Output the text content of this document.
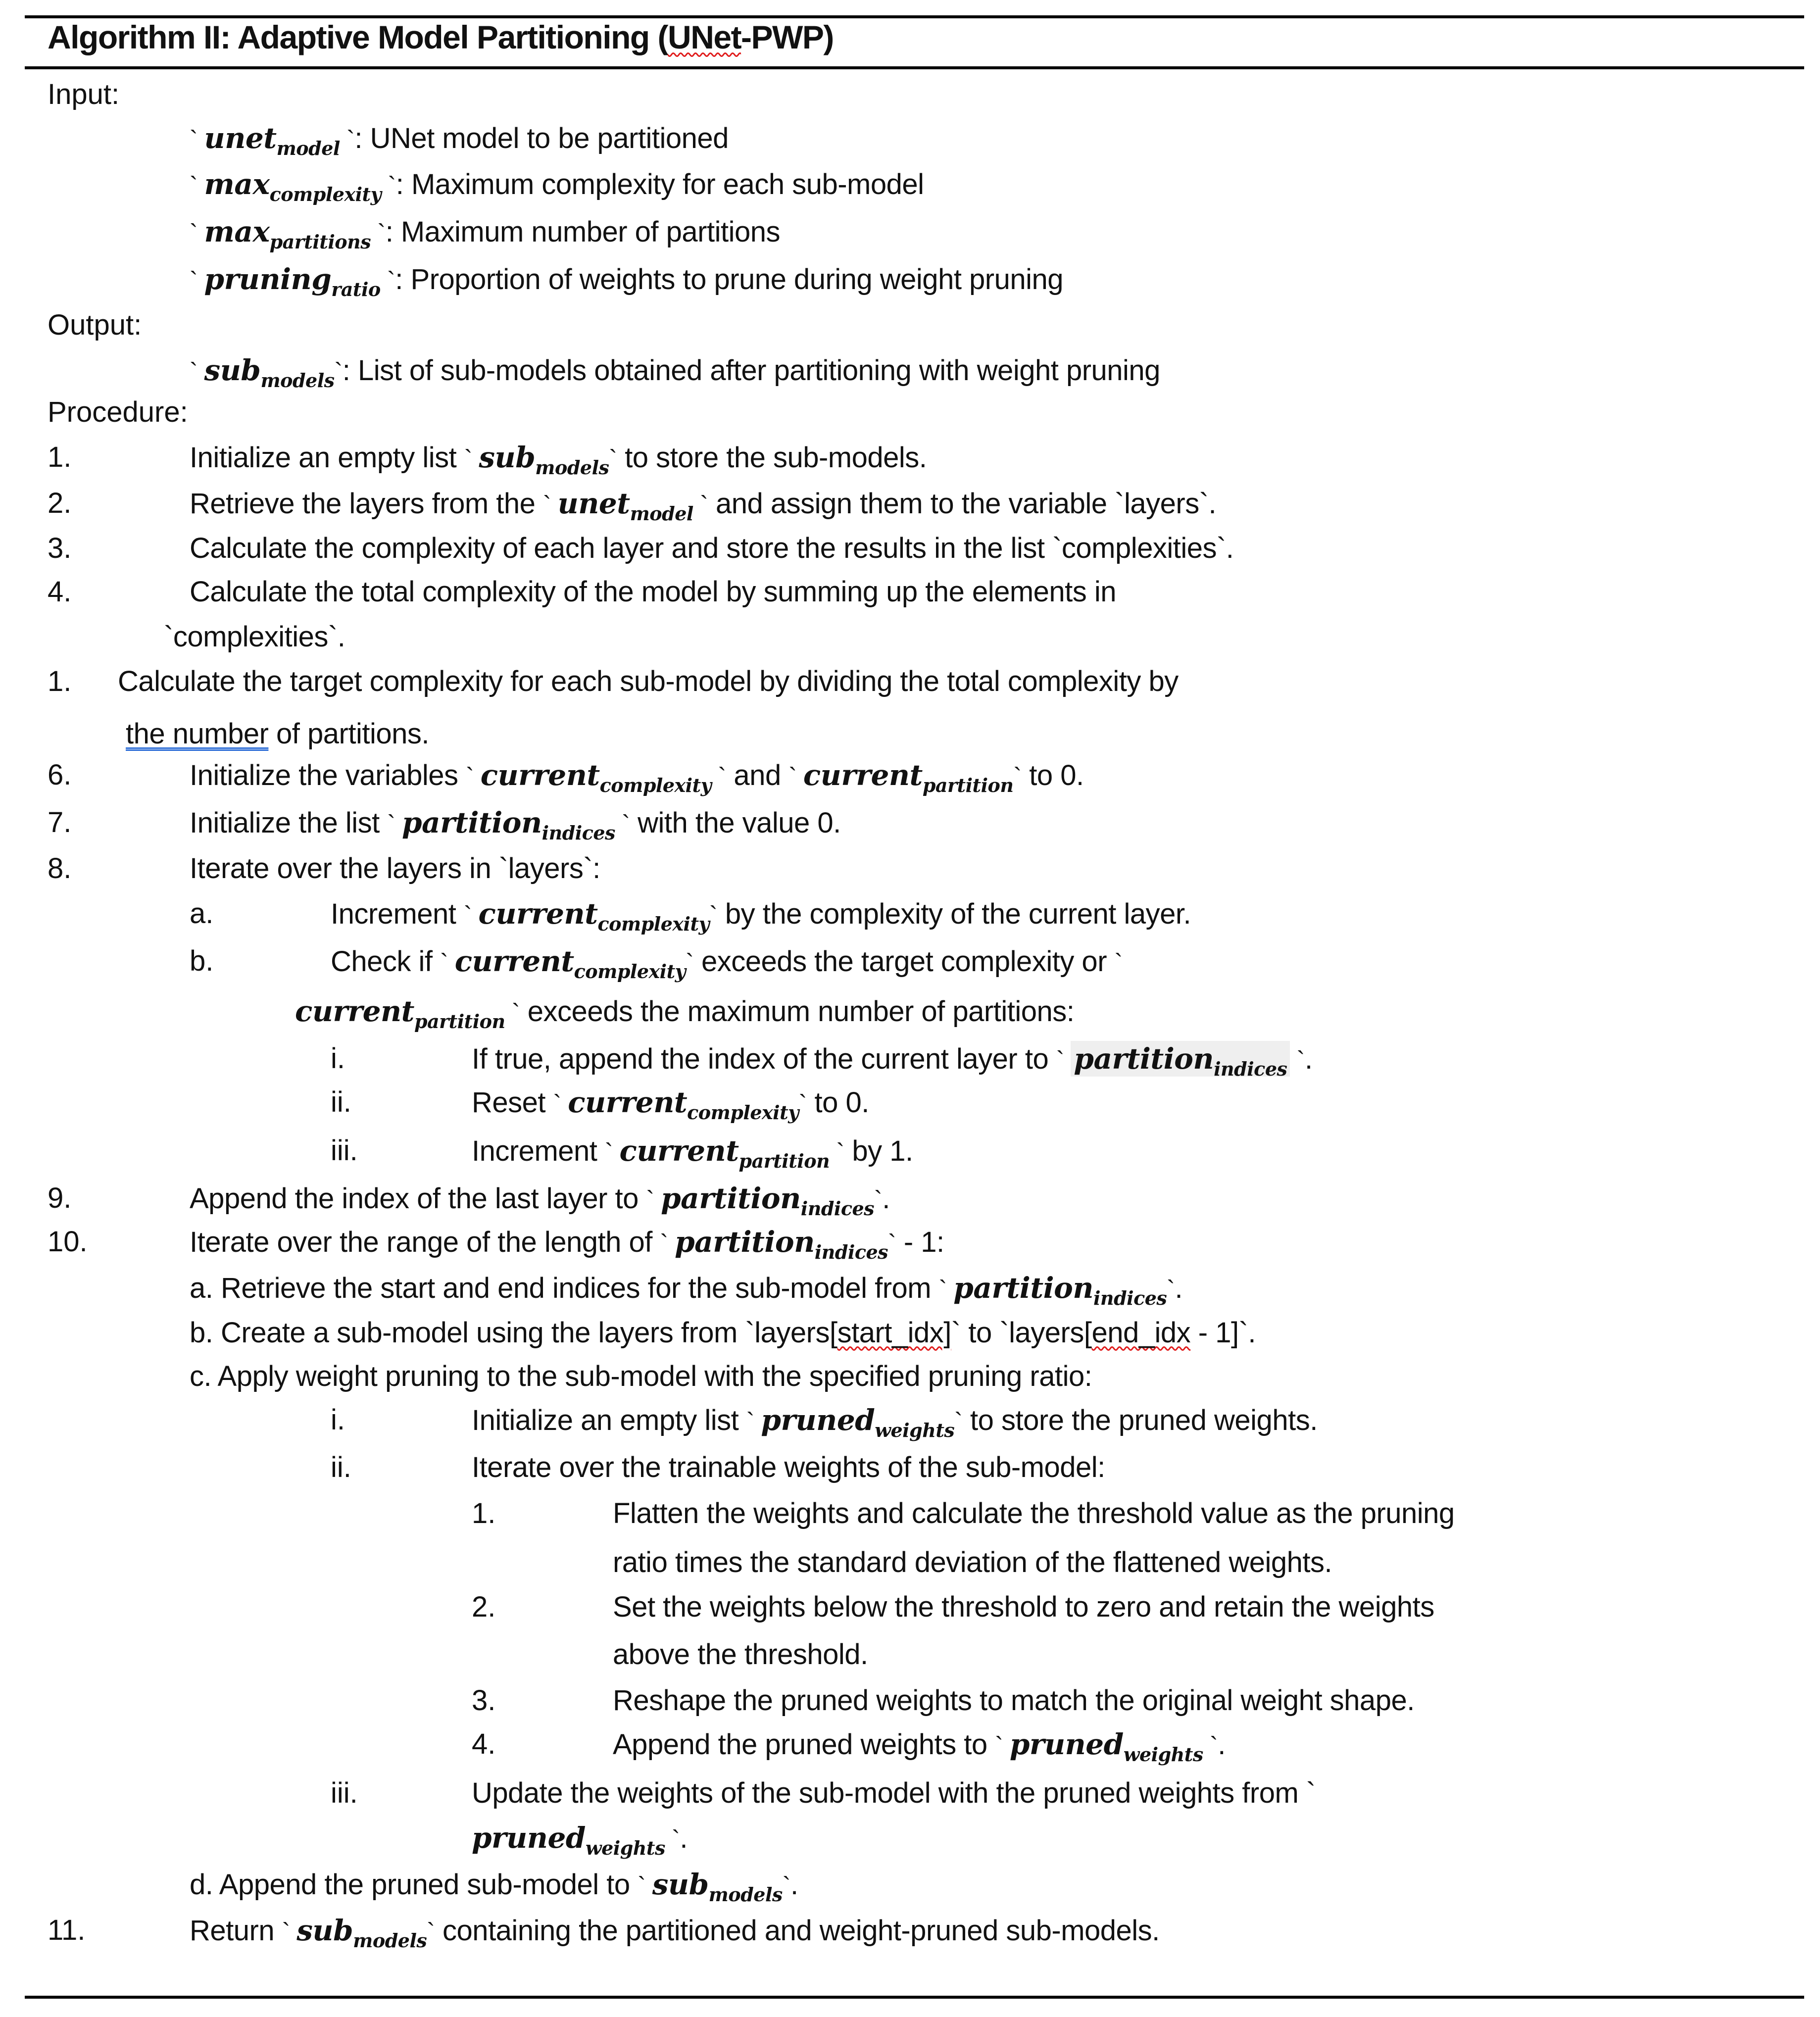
Algorithm II: Adaptive Model Partitioning (UNet-PWP)
Input:
` unet$_{model}$ `: UNet model to be partitioned
` $\max_{complexity}$ `: Maximum complexity for each sub-model
` $\max_{partitions}$ `: Maximum number of partitions
` pruning$_{ratio}$ `: Proportion of weights to prune during weight pruning
Output:
` sub$_{models}$`: List of sub-models obtained after partitioning with weight pruning
Procedure:
1.	Initialize an empty list ` sub$_{models}$` to store the sub-models.
2.	Retrieve the layers from the ` unet$_{model}$ ` and assign them to the variable `layers`.
3.	Calculate the complexity of each layer and store the results in the list `complexities`.
4.	Calculate the total complexity of the model by summing up the elements in
`complexities`.
1. Calculate the target complexity for each sub-model by dividing the total complexity by
the number of partitions.
6.	Initialize the variables ` current$_{complexity}$ ` and ` current$_{partition}$` to 0.
7.	Initialize the list ` partition$_{indices}$ ` with the value 0.
8.	Iterate over the layers in `layers`:
a.	Increment ` current$_{complexity}$` by the complexity of the current layer.
b.	Check if ` current$_{complexity}$` exceeds the target complexity or `
current$_{partition}$ ` exceeds the maximum number of partitions:
i.	If true, append the index of the current layer to ` partition$_{indices}$ `.
ii.	Reset ` current$_{complexity}$` to 0.
iii.	Increment ` current$_{partition}$ ` by 1.
9.	Append the index of the last layer to ` partition$_{indices}$`.
10.	Iterate over the range of the length of ` partition$_{indices}$` - 1:
a. Retrieve the start and end indices for the sub-model from ` partition$_{indices}$`.
b. Create a sub-model using the layers from `layers[start_idx]` to `layers[end_idx - 1]`.
c. Apply weight pruning to the sub-model with the specified pruning ratio:
i.	Initialize an empty list ` pruned$_{weights}$` to store the pruned weights.
ii.	Iterate over the trainable weights of the sub-model:
1.	Flatten the weights and calculate the threshold value as the pruning
ratio times the standard deviation of the flattened weights.
2.	Set the weights below the threshold to zero and retain the weights
above the threshold.
3.	Reshape the pruned weights to match the original weight shape.
4.	Append the pruned weights to ` pruned$_{weights}$ `.
iii.	Update the weights of the sub-model with the pruned weights from `
pruned$_{weights}$ `.
d. Append the pruned sub-model to ` sub$_{models}$`.
11.	Return ` sub$_{models}$` containing the partitioned and weight-pruned sub-models.
